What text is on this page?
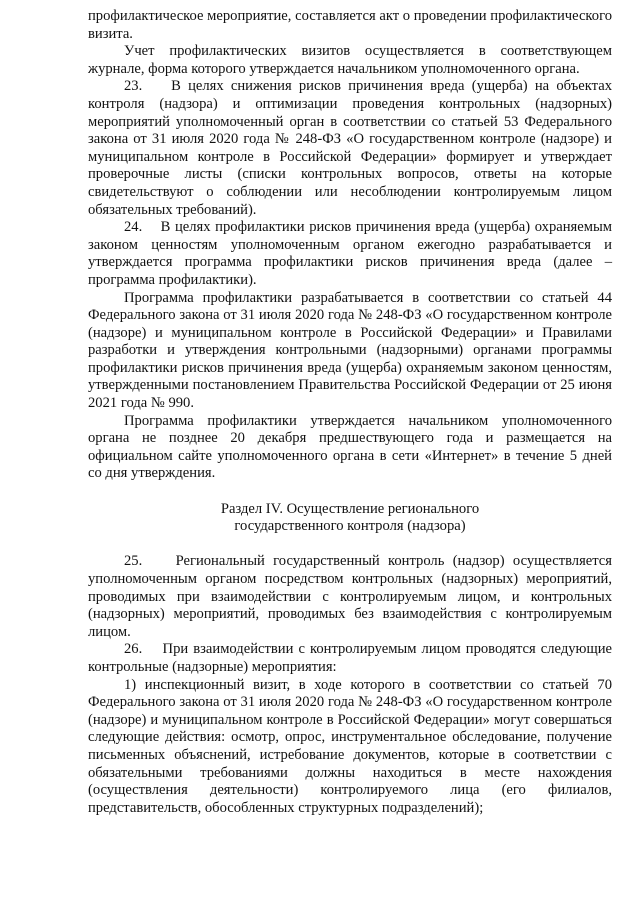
профилактическое мероприятие, составляется акт о проведении профилактического визита.

Учет профилактических визитов осуществляется в соответствующем журнале, форма которого утверждается начальником уполномоченного органа.

23.    В целях снижения рисков причинения вреда (ущерба) на объектах контроля (надзора) и оптимизации проведения контрольных (надзорных) мероприятий уполномоченный орган в соответствии со статьей 53 Федерального закона от 31 июля 2020 года № 248-ФЗ «О государственном контроле (надзоре) и муниципальном контроле в Российской Федерации» формирует и утверждает проверочные листы (списки контрольных вопросов, ответы на которые свидетельствуют о соблюдении или несоблюдении контролируемым лицом обязательных требований).

24.    В целях профилактики рисков причинения вреда (ущерба) охраняемым законом ценностям уполномоченным органом ежегодно разрабатывается и утверждается программа профилактики рисков причинения вреда (далее – программа профилактики).

Программа профилактики разрабатывается в соответствии со статьей 44 Федерального закона от 31 июля 2020 года № 248-ФЗ «О государственном контроле (надзоре) и муниципальном контроле в Российской Федерации» и Правилами разработки и утверждения контрольными (надзорными) органами программы профилактики рисков причинения вреда (ущерба) охраняемым законом ценностям, утвержденными постановлением Правительства Российской Федерации от 25 июня 2021 года № 990.

Программа профилактики утверждается начальником уполномоченного органа не позднее 20 декабря предшествующего года и размещается на официальном сайте уполномоченного органа в сети «Интернет» в течение 5 дней со дня утверждения.

Раздел IV. Осуществление регионального

государственного контроля (надзора)

25.    Региональный государственный контроль (надзор) осуществляется уполномоченным органом посредством контрольных (надзорных) мероприятий, проводимых при взаимодействии с контролируемым лицом, и контрольных (надзорных) мероприятий, проводимых без взаимодействия с контролируемым лицом.

26.    При взаимодействии с контролируемым лицом проводятся следующие контрольные (надзорные) мероприятия:

1) инспекционный визит, в ходе которого в соответствии со статьей 70 Федерального закона от 31 июля 2020 года № 248-ФЗ «О государственном контроле (надзоре) и муниципальном контроле в Российской Федерации» могут совершаться следующие действия: осмотр, опрос, инструментальное обследование, получение письменных объяснений, истребование документов, которые в соответствии с обязательными требованиями должны находиться в месте нахождения (осуществления деятельности) контролируемого лица (его филиалов, представительств, обособленных структурных подразделений);
